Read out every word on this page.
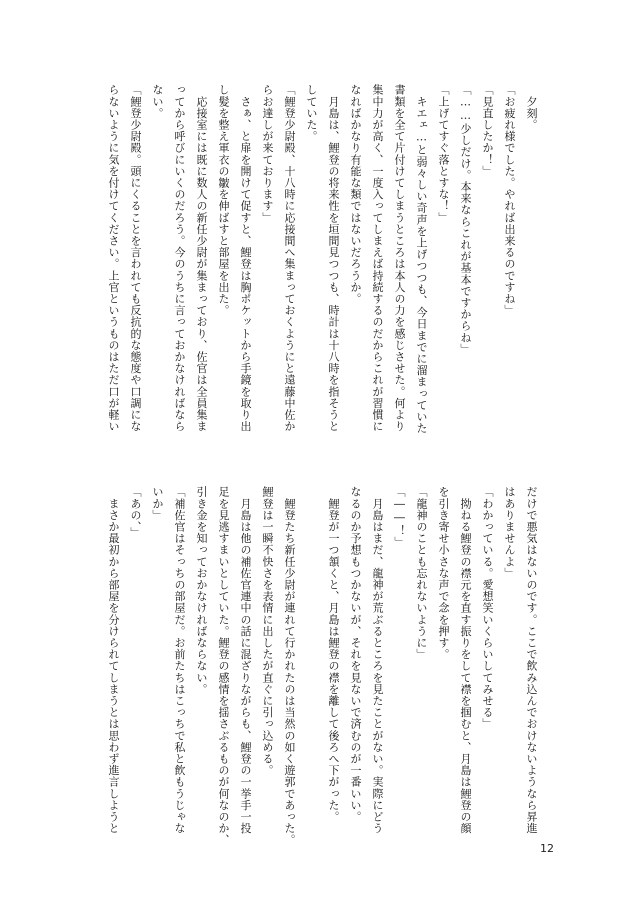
　夕刻。
「お疲れ様でした。やれば出来るのですね」
「見直したか！」
「……少しだけ。本来ならこれが基本ですからね」
「上げてすぐ落とすな！」
　キエェ…と弱々しい奇声を上げつつも、今日までに溜まっていた
書類を全て片付けてしまうところは本人の力を感じさせた。何より
集中力が高く、一度入ってしまえば持続するのだからこれが習慣に
なればかなり有能な類ではないだろうか。
　月島は、鯉登の将来性を垣間見つつも、時計は十八時を指そうと
していた。
「鯉登少尉殿、十八時に応接間へ集まっておくようにと遠藤中佐か
らお達しが来ております」
　さぁ、と扉を開けて促すと、鯉登は胸ポケットから手鏡を取り出
し髪を整え軍衣の皺を伸ばすと部屋を出た。
　応接室には既に数人の新任少尉が集まっており、佐官は全員集ま
ってから呼びにいくのだろう。今のうちに言っておかなければなら
ない。
「鯉登少尉殿。頭にくることを言われても反抗的な態度や口調にな
らないように気を付けてください。上官というものはただ口が軽い
だけで悪気はないのです。ここで飲み込んでおけないようなら昇進
はありませんよ」
「わかっている。愛想笑いくらいしてみせる」
　拗ねる鯉登の襟元を直す振りをして襟を掴むと、月島は鯉登の顔
を引き寄せ小さな声で念を押す。
「龍神のことも忘れないように」
「――！」
　月島はまだ、龍神が荒ぶるところを見たことがない。実際にどう
なるのか予想もつかないが、それを見ないで済むのが一番いい。
　鯉登が一つ頷くと、月島は鯉登の襟を離して後ろへ下がった。
　鯉登たち新任少尉が連れて行かれたのは当然の如く遊郭であった。
鯉登は一瞬不快さを表情に出したが直ぐに引っ込める。
　月島は他の補佐官連中の話に混ざりながらも、鯉登の一挙手一投
足を見逃すまいとしていた。鯉登の感情を揺さぶるものが何なのか、
引き金を知っておかなければならない。
「補佐官はそっちの部屋だ。お前たちはこっちで私と飲もうじゃな
いか」
「あの、」
　まさか最初から部屋を分けられてしまうとは思わず進言しようと
12
